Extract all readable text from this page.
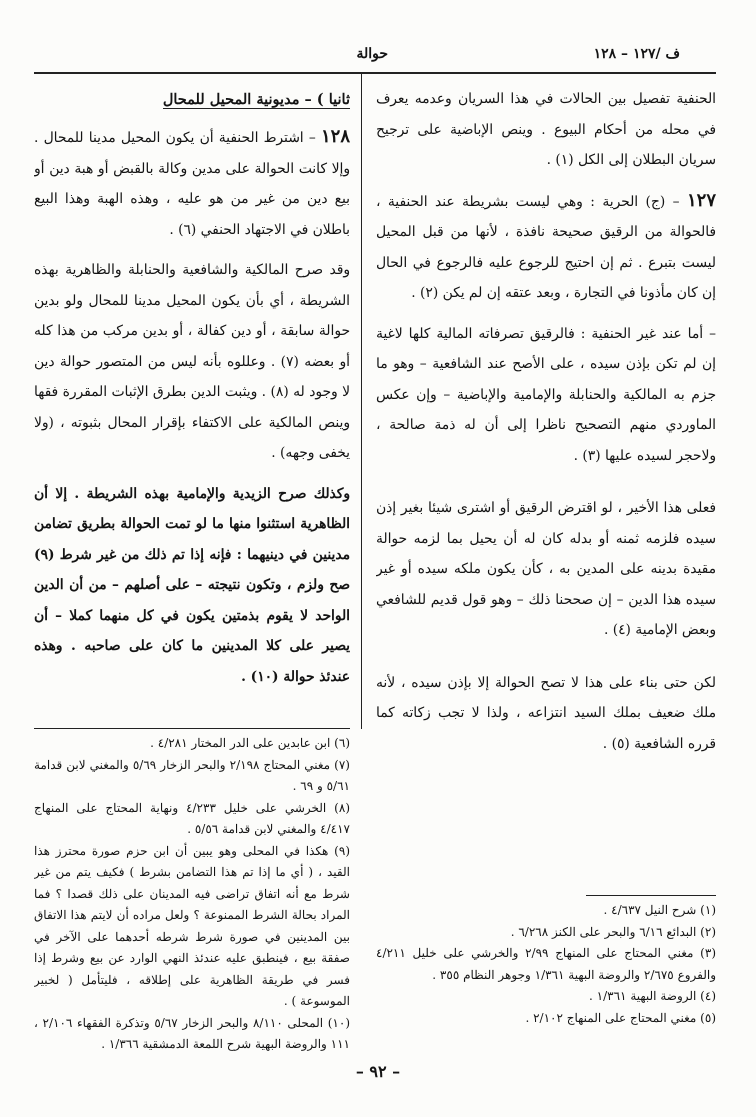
ف /١٢٧ – ١٢٨
حوالة

الحنفية تفصيل بين الحالات في هذا السريان وعدمه يعرف في محله من أحكام البيوع . وينص الإباضية على ترجيح سريان البطلان إلى الكل (١) .

١٢٧ – (ج) الحرية : وهي ليست بشريطة عند الحنفية ، فالحوالة من الرقيق صحيحة نافذة ، لأنها من قبل المحيل ليست بتبرع . ثم إن احتيج للرجوع عليه فالرجوع في الحال إن كان مأذونا في التجارة ، وبعد عتقه إن لم يكن (٢) .

– أما عند غير الحنفية : فالرقيق تصرفاته المالية كلها لاغية إن لم تكن بإذن سيده ، على الأصح عند الشافعية – وهو ما جزم به المالكية والحنابلة والإمامية والإباضية – وإن عكس الماوردي منهم التصحيح ناظرا إلى أن له ذمة صالحة ، ولاحجر لسيده عليها (٣) .

فعلى هذا الأخير ، لو اقترض الرقيق أو اشترى شيئا بغير إذن سيده فلزمه ثمنه أو بدله كان له أن يحيل بما لزمه حوالة مقيدة بدينه على المدين به ، كأن يكون ملكه سيده أو غير سيده هذا الدين – إن صححنا ذلك – وهو قول قديم للشافعي وبعض الإمامية (٤) .

لكن حتى بناء على هذا لا تصح الحوالة إلا بإذن سيده ، لأنه ملك ضعيف بملك السيد انتزاعه ، ولذا لا تجب زكاته كما قرره الشافعية (٥) .

ثانيا ) – مديونية المحيل للمحال

١٢٨ – اشترط الحنفية أن يكون المحيل مدينا للمحال . وإلا كانت الحوالة على مدين وكالة بالقبض أو هبة دين أو بيع دين من غير من هو عليه ، وهذه الهبة وهذا البيع باطلان في الاجتهاد الحنفي (٦) .

وقد صرح المالكية والشافعية والحنابلة والظاهرية بهذه الشريطة ، أي بأن يكون المحيل مدينا للمحال ولو بدين حوالة سابقة ، أو دين كفالة ، أو بدين مركب من هذا كله أو بعضه (٧) . وعللوه بأنه ليس من المتصور حوالة دين لا وجود له (٨) . ويثبت الدين بطرق الإثبات المقررة فقها وينص المالكية على الاكتفاء بإقرار المحال بثبوته ، (ولا يخفى وجهه) .

وكذلك صرح الزيدية والإمامية بهذه الشريطة . إلا أن الظاهرية استثنوا منها ما لو تمت الحوالة بطريق تضامن مدينين في دينيهما : فإنه إذا تم ذلك من غير شرط (٩) صح ولزم ، وتكون نتيجته – على أصلهم – من أن الدين الواحد لا يقوم بذمتين يكون في كل منهما كملا – أن يصير على كلا المدينين ما كان على صاحبه . وهذه عندئذ حوالة (١٠) .

(٦) ابن عابدين على الدر المختار ٤/٢٨١ .
(٧) مغني المحتاج ٢/١٩٨ والبحر الزخار ٥/٦٩ والمغني لابن قدامة ٥/٦١ و ٦٩ .
(٨) الخرشي على خليل ٤/٢٣٣ ونهاية المحتاج على المنهاج ٤/٤١٧ والمغني لابن قدامة ٥/٥٦ .
(٩) هكذا في المحلى وهو يبين أن ابن حزم صورة محترز هذا القيد ، ( أي ما إذا تم هذا التضامن بشرط ) فكيف يتم من غير شرط مع أنه اتفاق تراضى فيه المدينان على ذلك قصدا ؟ فما المراد بحالة الشرط الممنوعة ؟ ولعل مراده أن لايتم هذا الاتفاق بين المدينين في صورة شرط شرطه أحدهما على الآخر في صفقة بيع ، فينطبق عليه عندئذ النهي الوارد عن بيع وشرط إذا فسر في طريقة الظاهرية على إطلاقه ، فليتأمل ( لخبير الموسوعة ) .
(١٠) المحلى ٨/١١٠ والبحر الزخار ٥/٦٧ وتذكرة الفقهاء ٢/١٠٦ ، ١١١ والروضة البهية شرح اللمعة الدمشقية ١/٣٦٦ .
(١) شرح النيل ٤/٦٣٧ .
(٢) البدائع ٦/١٦ والبحر على الكنز ٦/٢٦٨ .
(٣) مغني المحتاج على المنهاج ٢/٩٩ والخرشي على خليل ٤/٢١١ والفروع ٢/٦٧٥ والروضة البهية ١/٣٦١ وجوهر النظام ٣٥٥ .
(٤) الروضة البهية ١/٣٦١ .
(٥) مغني المحتاج على المنهاج ٢/١٠٢ .
– ٩٢ –
